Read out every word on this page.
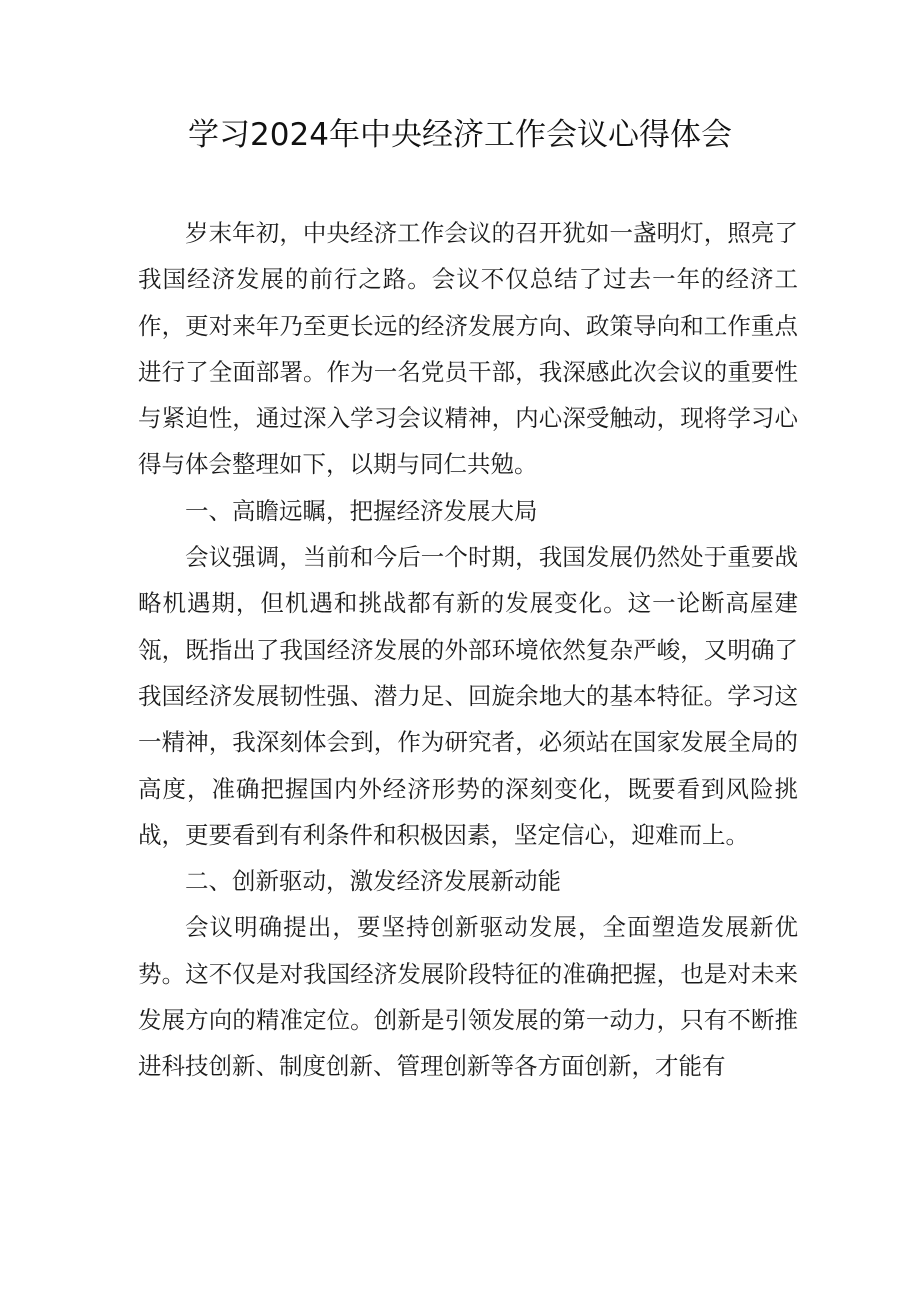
学习2024年中央经济工作会议心得体会

岁末年初，中央经济工作会议的召开犹如一盏明灯，照亮了我国经济发展的前行之路。会议不仅总结了过去一年的经济工作，更对来年乃至更长远的经济发展方向、政策导向和工作重点进行了全面部署。作为一名党员干部，我深感此次会议的重要性与紧迫性，通过深入学习会议精神，内心深受触动，现将学习心得与体会整理如下，以期与同仁共勉。

一、高瞻远瞩，把握经济发展大局

会议强调，当前和今后一个时期，我国发展仍然处于重要战略机遇期，但机遇和挑战都有新的发展变化。这一论断高屋建瓴，既指出了我国经济发展的外部环境依然复杂严峻，又明确了我国经济发展韧性强、潜力足、回旋余地大的基本特征。学习这一精神，我深刻体会到，作为研究者，必须站在国家发展全局的高度，准确把握国内外经济形势的深刻变化，既要看到风险挑战，更要看到有利条件和积极因素，坚定信心，迎难而上。

二、创新驱动，激发经济发展新动能

会议明确提出，要坚持创新驱动发展，全面塑造发展新优势。这不仅是对我国经济发展阶段特征的准确把握，也是对未来发展方向的精准定位。创新是引领发展的第一动力，只有不断推进科技创新、制度创新、管理创新等各方面创新，才能有
